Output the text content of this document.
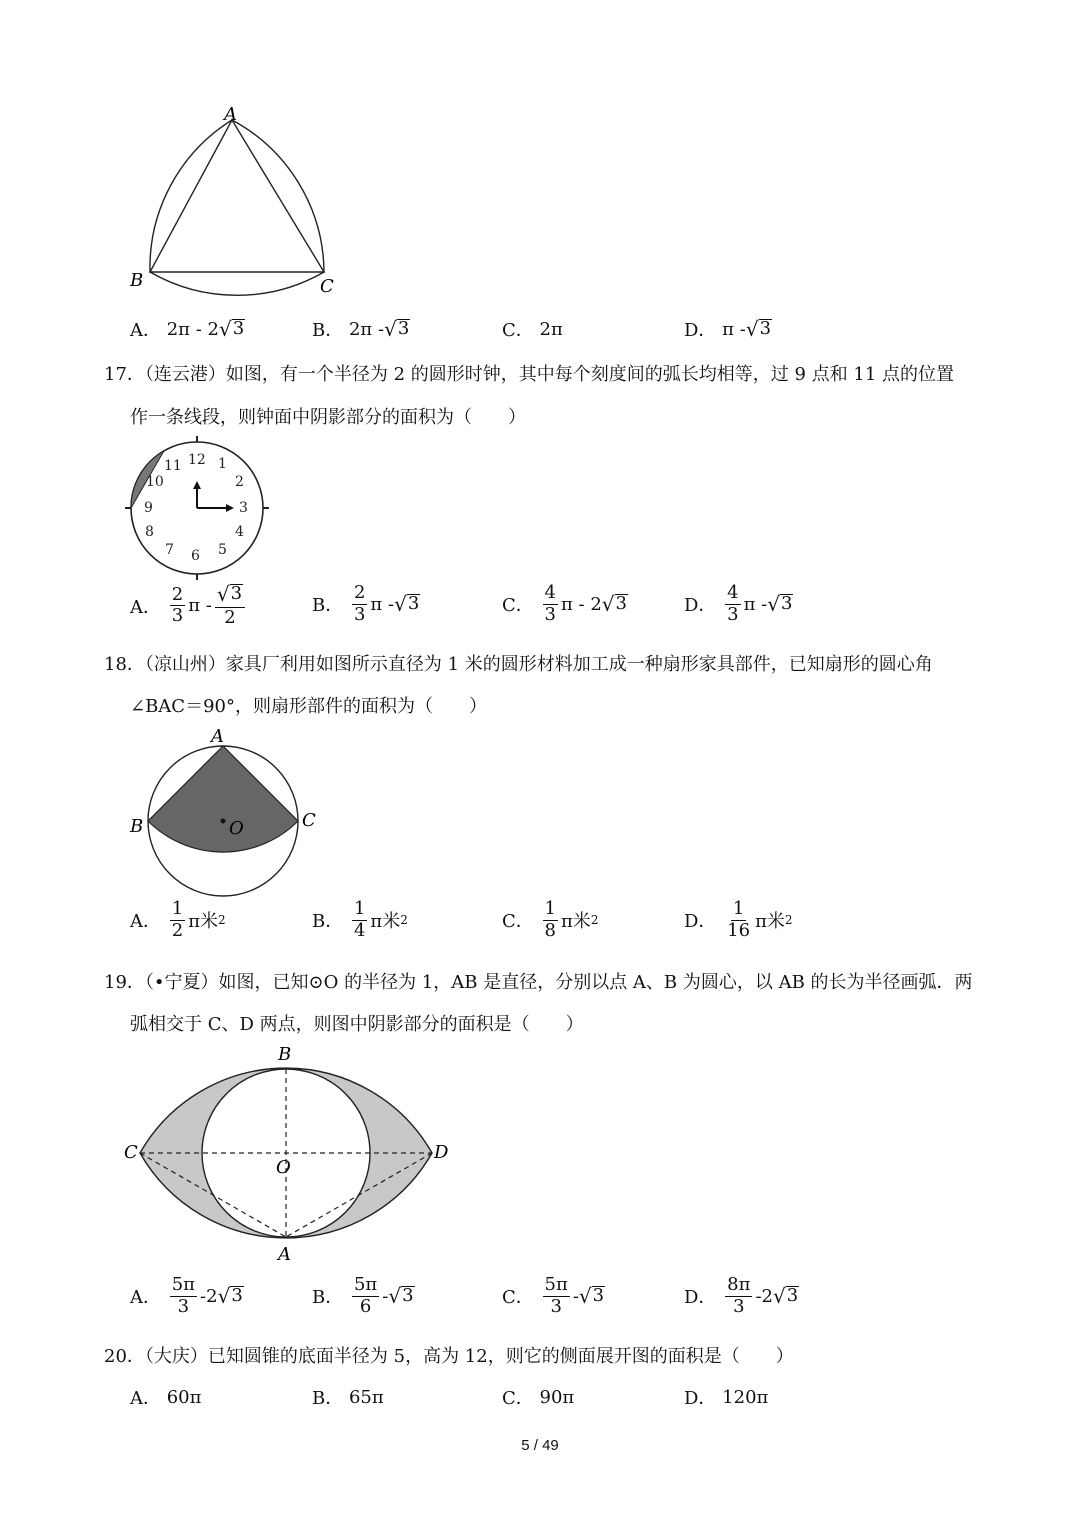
A
B	C
A．
2π - 2 √ 3	B．
2π - √ 3	C．
2π	D．
π - √ 3
17．（连云港）如图，有一个半径为 2 的圆形时钟，其中每个刻度间的弧长均相等，过 9 点和 11 点的位置
作一条线段，则钟面中阴影部分的面积为（　　）
12 1
2
3
4
5
6
7
8
9
10
11
A．
$\frac{2}{3}$ π - $\frac{√ 3}{2}$	B．
$\frac{2}{3}$ π - √ 3	C．
$\frac{4}{3}$ π - 2 √ 3	D．
$\frac{4}{3}$ π - √ 3
18．（凉山州）家具厂利用如图所示直径为 1 米的圆形材料加工成一种扇形家具部件，已知扇形的圆心角
∠BAC＝90°，则扇形部件的面积为（　　）
A
B	C
O
A．
$\frac{1}{2}$ π米 2	B．
$\frac{1}{4}$ π米 2	C．
$\frac{1}{8}$ π米 2	D．
$\frac{1}{16}$ π米 2
19．（•宁夏）如图，已知⊙O 的半径为 1，AB 是直径，分别以点 A、B 为圆心，以 AB 的长为半径画弧．两
弧相交于 C、D 两点，则图中阴影部分的面积是（　　）
B
C	D
O
A
A．
$\frac{5\pi}{3} -2$ √ 3	B．
$\frac{5\pi}{6}$ - √ 3	C．
$\frac{5\pi}{3}$ - √ 3	D．
$\frac{8\pi}{3} -2$ √ 3
20．（大庆）已知圆锥的底面半径为 5，高为 12，则它的侧面展开图的面积是（　　）
A．
60π	B．
65π	C．
90π	D．
120π
5 / 49
